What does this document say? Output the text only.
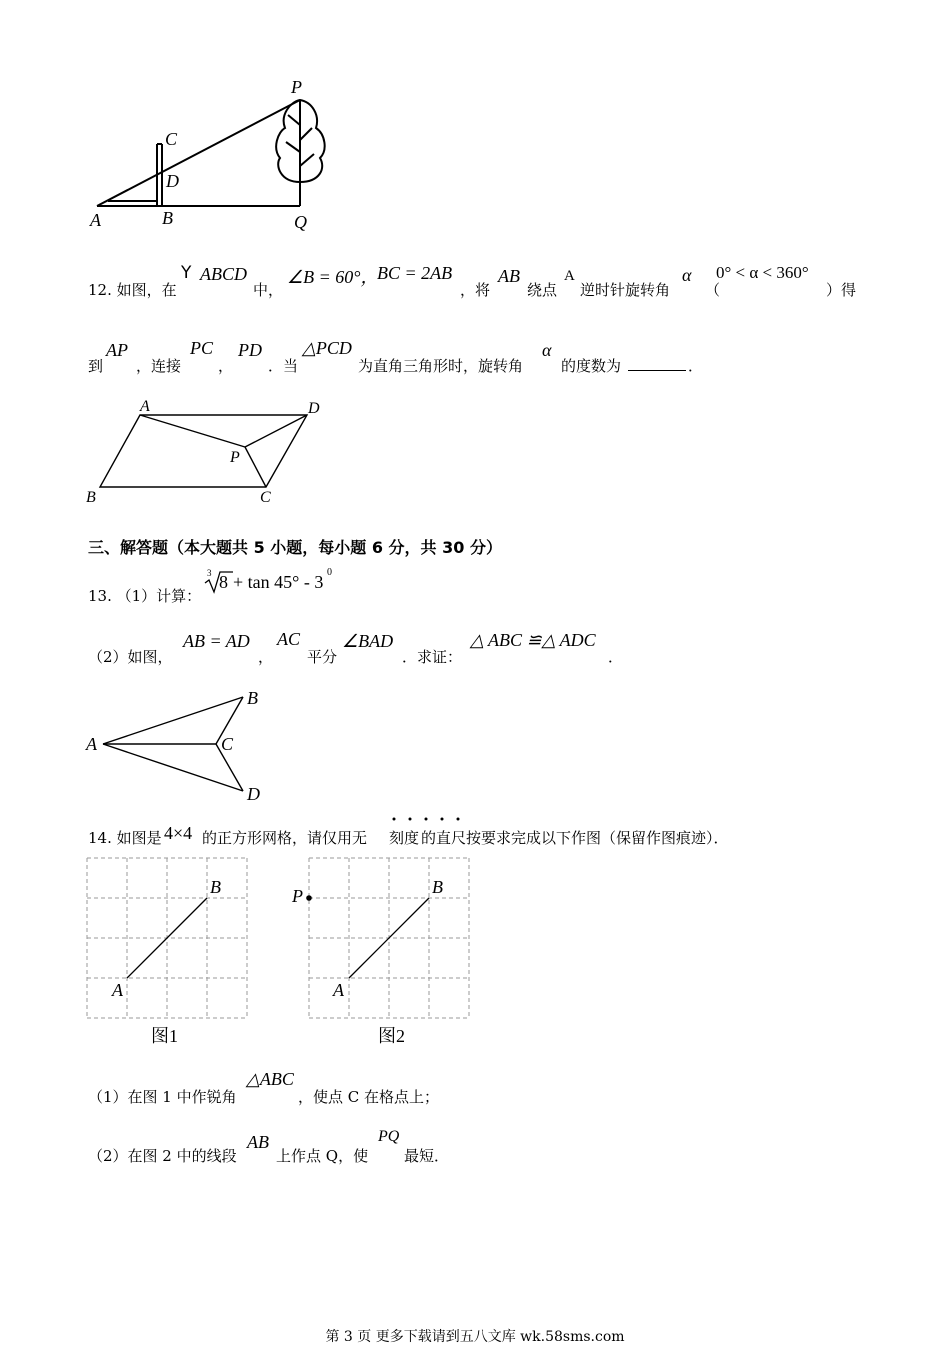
A	B
C
D
P
Q
12. 如图，在
Y ABCD
中，
∠B = 60°，
BC = 2AB
，将
AB
绕点
A
逆时针旋转角
α
（
0° < α < 360°
）得
到
AP
，连接
PC
，
PD
．当
△PCD
为直角三角形时，旋转角
α
的度数为	．
A	D
P
B	C
三、解答题（本大题共 5 小题，每小题 6 分，共 30 分）
13. （1）计算：
3 8 + tan 45° - 3 0
（2）如图，
AB = AD
，
AC
平分
∠BAD
．求证：
△ ABC ≌△ ADC
．
A
B
C
D
14. 如图是 4×4 的正方形网格，请仅用无 刻度 的直尺按要求完成以下作图（保留作图痕迹）．
B
A
P	B
A
图1	图2
（1）在图 1 中作锐角
△ABC
，使点 C 在格点上；
（2）在图 2 中的线段
AB
上作点 Q，使
PQ
最短．
第 3 页 更多下载请到五八文库 wk.58sms.com
